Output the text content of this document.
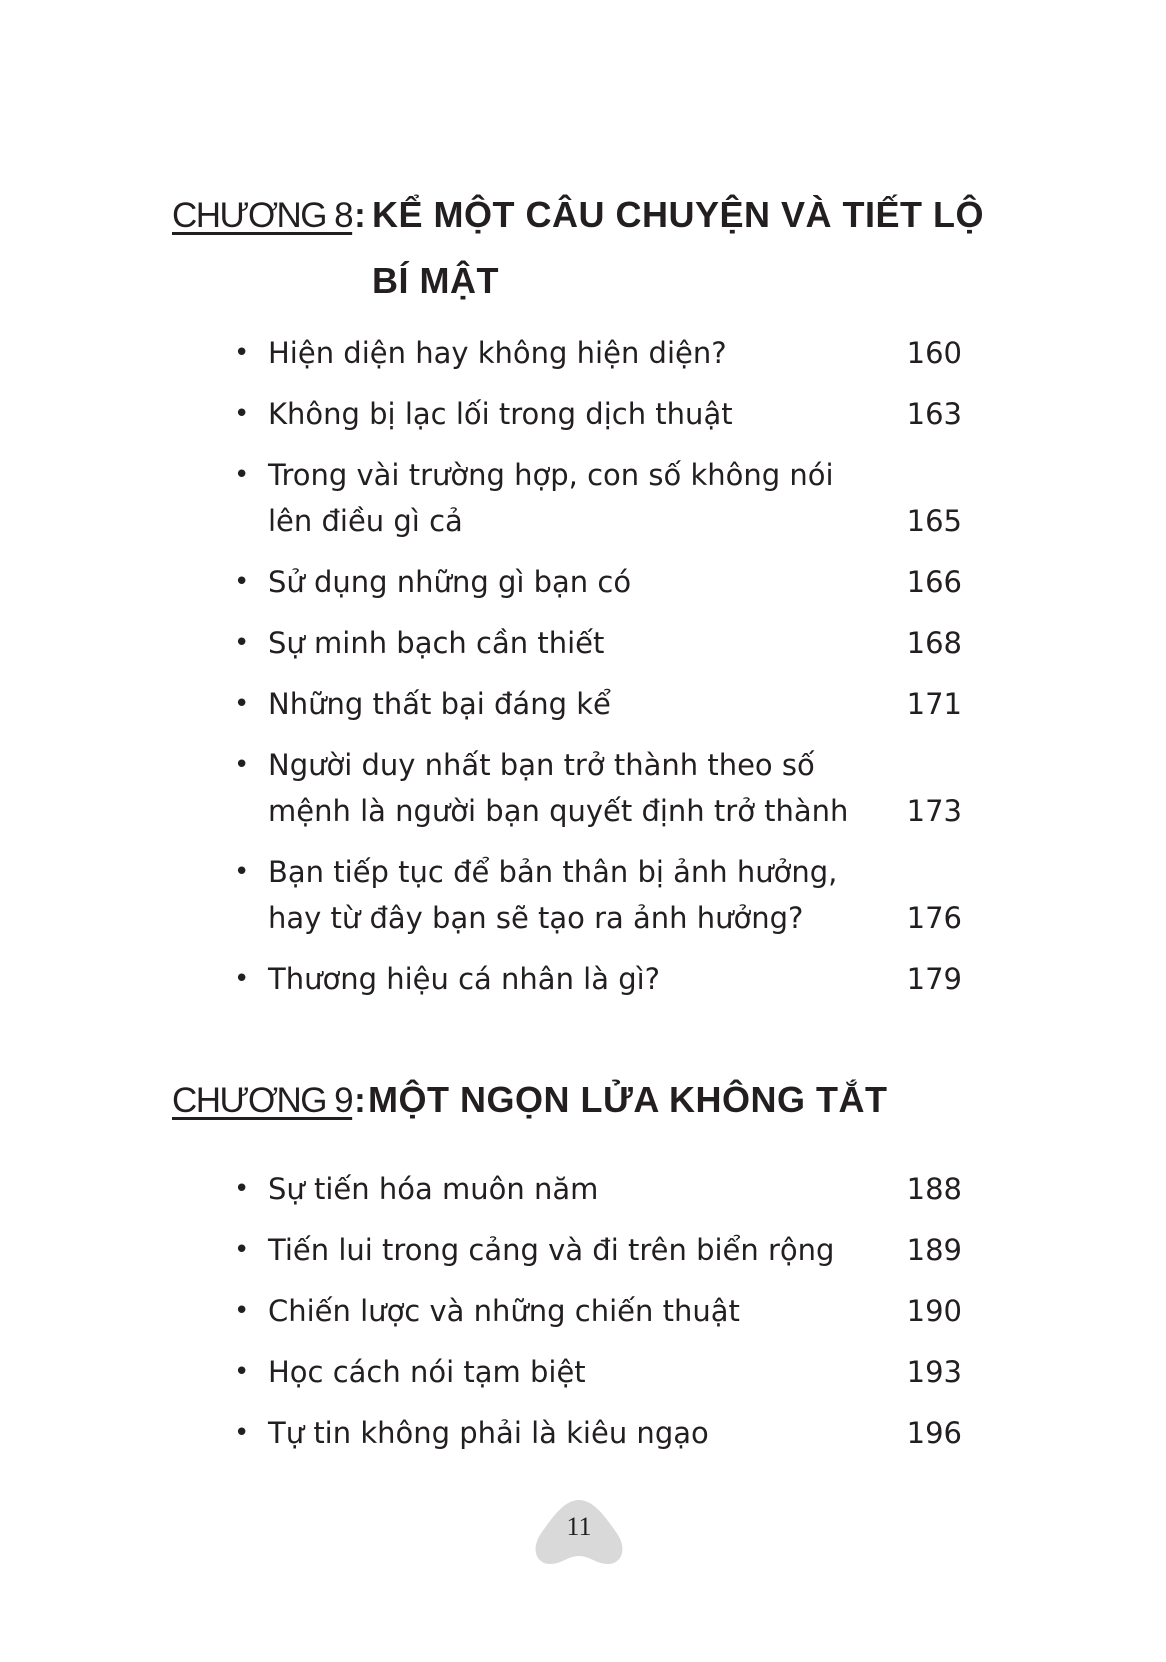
CHƯƠNG 8: KỂ MỘT CÂU CHUYỆN VÀ TIẾT LỘ
BÍ MẬT
• Hiện diện hay không hiện diện?	160
• Không bị lạc lối trong dịch thuật	163
• Trong vài trường hợp, con số không nói lên điều gì cả	165
• Sử dụng những gì bạn có	166
• Sự minh bạch cần thiết	168
• Những thất bại đáng kể	171
• Người duy nhất bạn trở thành theo số mệnh là người bạn quyết định trở thành	173
• Bạn tiếp tục để bản thân bị ảnh hưởng, hay từ đây bạn sẽ tạo ra ảnh hưởng?	176
• Thương hiệu cá nhân là gì?	179
CHƯƠNG 9: MỘT NGỌN LỬA KHÔNG TẮT
• Sự tiến hóa muôn năm	188
• Tiến lui trong cảng và đi trên biển rộng	189
• Chiến lược và những chiến thuật	190
• Học cách nói tạm biệt	193
• Tự tin không phải là kiêu ngạo	196
11
